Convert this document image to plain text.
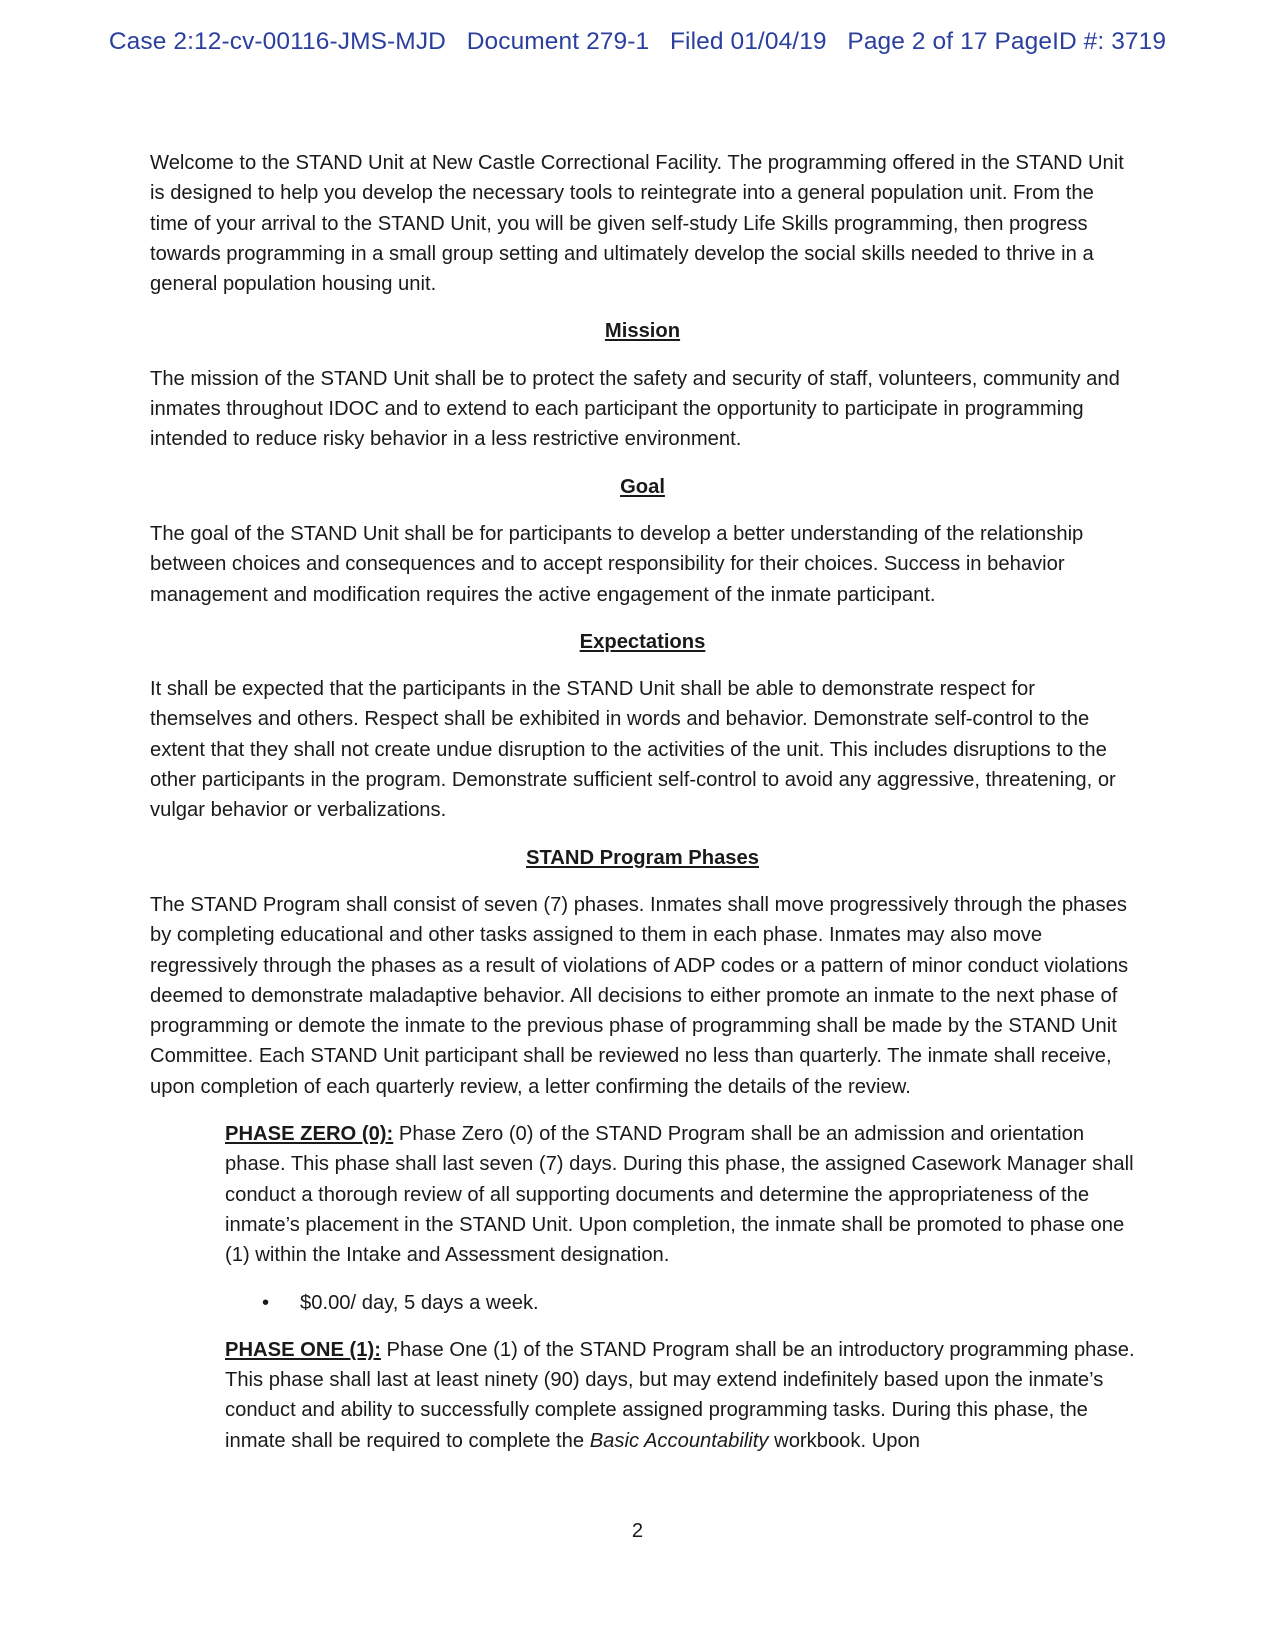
Case 2:12-cv-00116-JMS-MJD Document 279-1 Filed 01/04/19 Page 2 of 17 PageID #: 3719

Welcome to the STAND Unit at New Castle Correctional Facility. The programming offered in the STAND Unit is designed to help you develop the necessary tools to reintegrate into a general population unit. From the time of your arrival to the STAND Unit, you will be given self-study Life Skills programming, then progress towards programming in a small group setting and ultimately develop the social skills needed to thrive in a general population housing unit.

Mission

The mission of the STAND Unit shall be to protect the safety and security of staff, volunteers, community and inmates throughout IDOC and to extend to each participant the opportunity to participate in programming intended to reduce risky behavior in a less restrictive environment.

Goal

The goal of the STAND Unit shall be for participants to develop a better understanding of the relationship between choices and consequences and to accept responsibility for their choices. Success in behavior management and modification requires the active engagement of the inmate participant.

Expectations

It shall be expected that the participants in the STAND Unit shall be able to demonstrate respect for themselves and others. Respect shall be exhibited in words and behavior. Demonstrate self-control to the extent that they shall not create undue disruption to the activities of the unit. This includes disruptions to the other participants in the program. Demonstrate sufficient self-control to avoid any aggressive, threatening, or vulgar behavior or verbalizations.

STAND Program Phases

The STAND Program shall consist of seven (7) phases. Inmates shall move progressively through the phases by completing educational and other tasks assigned to them in each phase. Inmates may also move regressively through the phases as a result of violations of ADP codes or a pattern of minor conduct violations deemed to demonstrate maladaptive behavior. All decisions to either promote an inmate to the next phase of programming or demote the inmate to the previous phase of programming shall be made by the STAND Unit Committee. Each STAND Unit participant shall be reviewed no less than quarterly. The inmate shall receive, upon completion of each quarterly review, a letter confirming the details of the review.

PHASE ZERO (0): Phase Zero (0) of the STAND Program shall be an admission and orientation phase. This phase shall last seven (7) days. During this phase, the assigned Casework Manager shall conduct a thorough review of all supporting documents and determine the appropriateness of the inmate’s placement in the STAND Unit. Upon completion, the inmate shall be promoted to phase one (1) within the Intake and Assessment designation.

• $0.00/ day, 5 days a week.

PHASE ONE (1): Phase One (1) of the STAND Program shall be an introductory programming phase. This phase shall last at least ninety (90) days, but may extend indefinitely based upon the inmate’s conduct and ability to successfully complete assigned programming tasks. During this phase, the inmate shall be required to complete the Basic Accountability workbook. Upon

2
